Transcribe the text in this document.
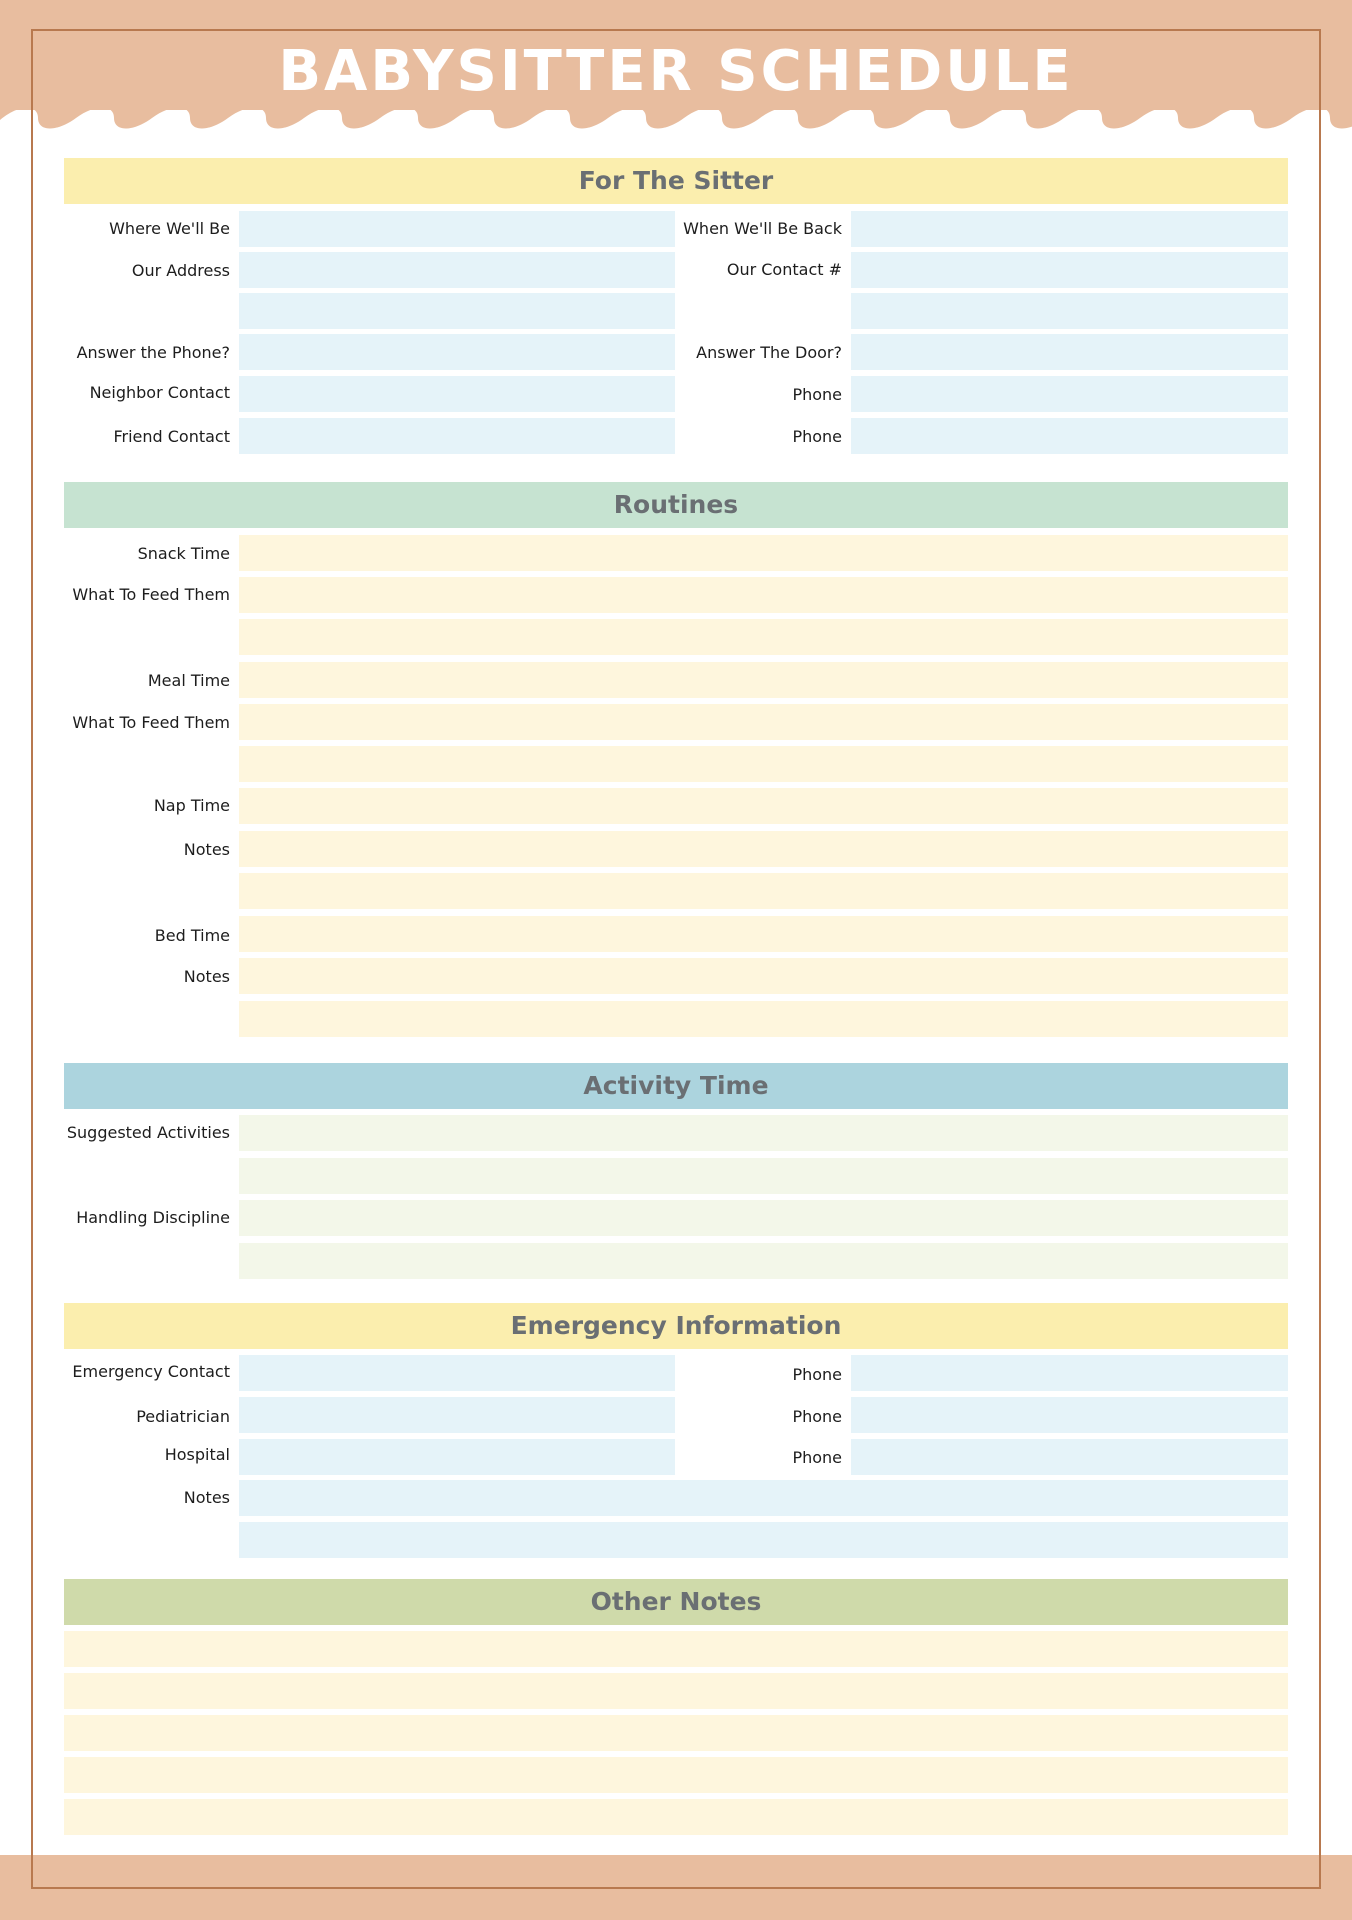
BABYSITTER SCHEDULE
For The Sitter
Where We'll Be	When We'll Be Back
Our Address	Our Contact #
Answer the Phone?	Answer The Door?
Neighbor Contact	Phone
Friend Contact	Phone
Routines
Snack Time
What To Feed Them
Meal Time
What To Feed Them
Nap Time
Notes
Bed Time
Notes
Activity Time
Suggested Activities
Handling Discipline
Emergency Information
Emergency Contact	Phone
Pediatrician	Phone
Hospital	Phone
Notes
Other Notes
